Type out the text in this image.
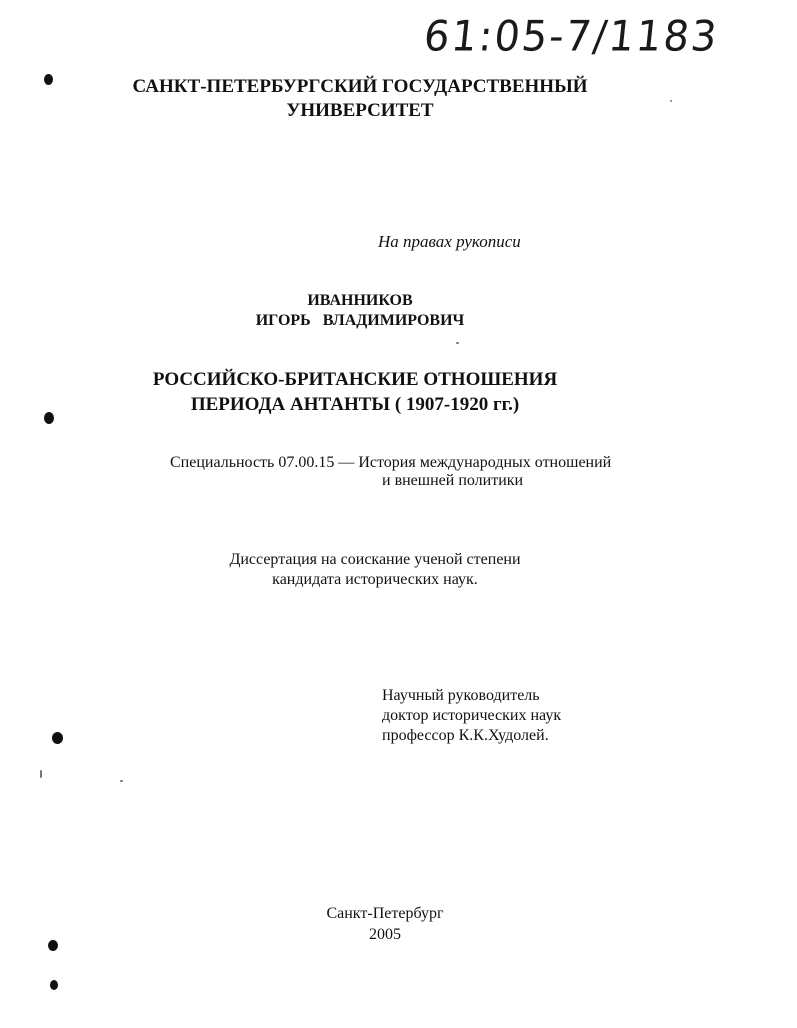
61:05-7/1183
САНКТ-ПЕТЕРБУРГСКИЙ ГОСУДАРСТВЕННЫЙ
УНИВЕРСИТЕТ
На правах рукописи
ИВАННИКОВ
ИГОРЬ ВЛАДИМИРОВИЧ
РОССИЙСКО-БРИТАНСКИЕ ОТНОШЕНИЯ
ПЕРИОДА АНТАНТЫ ( 1907-1920 гг.)
Специальность 07.00.15 — История международных отношений
и внешней политики
Диссертация на соискание ученой степени
кандидата исторических наук.
Научный руководитель
доктор исторических наук
профессор К.К.Худолей.
Санкт-Петербург
2005
